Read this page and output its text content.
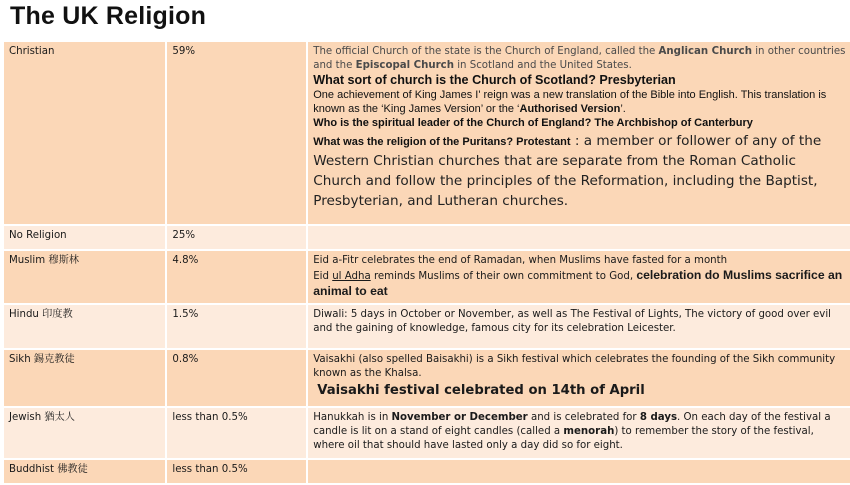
The UK Religion
Christian	59%	The official Church of the state is the Church of England, called the Anglican Church in other countries and the Episcopal Church in Scotland and the United States.
What sort of church is the Church of Scotland? Presbyterian
One achievement of King James I' reign was a new translation of the Bible into English. This translation is known as the ‘King James Version’ or the ‘Authorised Version’.
Who is the spiritual leader of the Church of England? The Archbishop of Canterbury
What was the religion of the Puritans? Protestant : a member or follower of any of the Western Christian churches that are separate from the Roman Catholic Church and follow the principles of the Reformation, including the Baptist, Presbyterian, and Lutheran churches.

No Religion	25%	
Muslim 穆斯林	4.8%	Eid a-Fitr celebrates the end of Ramadan, when Muslims have fasted for a month
Eid ul Adha reminds Muslims of their own commitment to God, celebration do Muslims sacrifice an animal to eat

Hindu 印度教	1.5%	Diwali: 5 days in October or November, as well as The Festival of Lights, The victory of good over evil and the gaining of knowledge, famous city for its celebration Leicester.
Sikh 錫克教徒	0.8%	Vaisakhi (also spelled Baisakhi) is a Sikh festival which celebrates the founding of the Sikh community known as the Khalsa.
Vaisakhi festival celebrated on 14th of April

Jewish 猶太人	less than 0.5%	Hanukkah is in November or December and is celebrated for 8 days. On each day of the festival a candle is lit on a stand of eight candles (called a menorah) to remember the story of the festival, where oil that should have lasted only a day did so for eight.
Buddhist 佛教徒	less than 0.5%	
